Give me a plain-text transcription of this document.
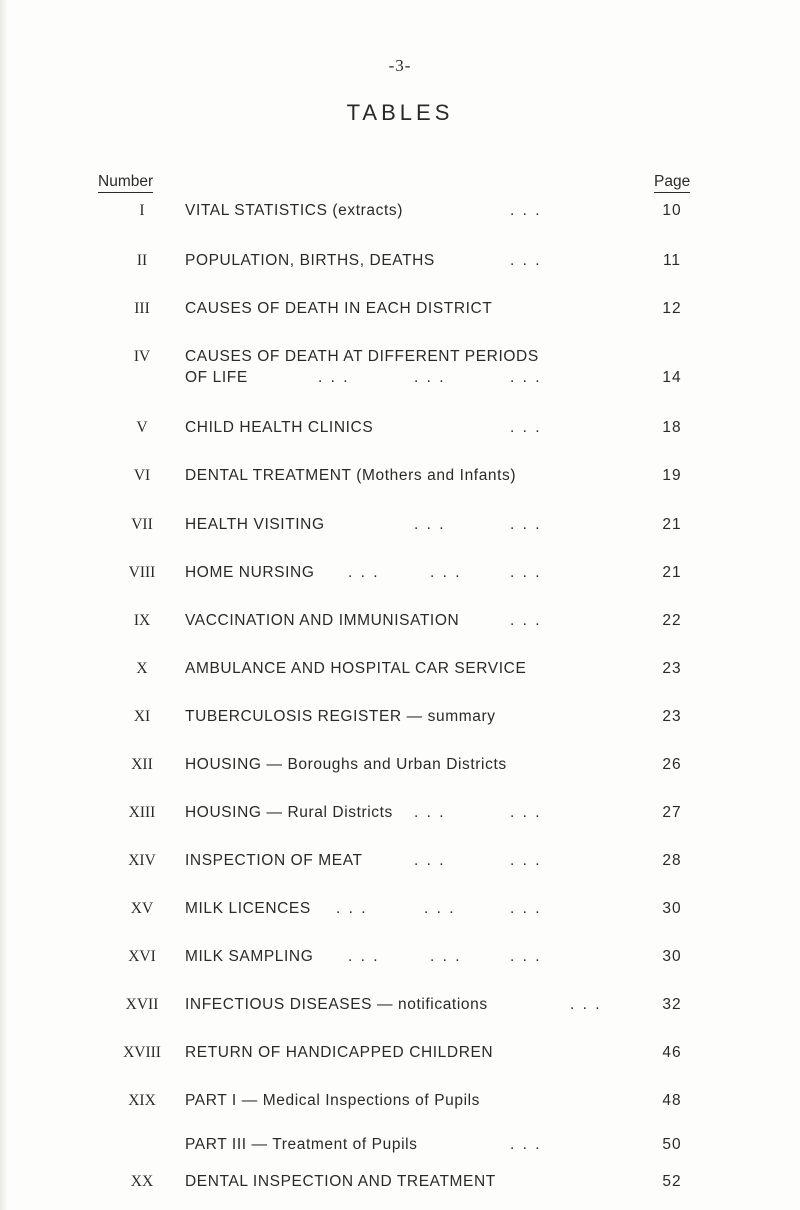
-3-
TABLES
Number	Page
I	VITAL STATISTICS (extracts)	. . .	10
II	POPULATION, BIRTHS, DEATHS	. . .	11
III	CAUSES OF DEATH IN EACH DISTRICT	12
IV	CAUSES OF DEATH AT DIFFERENT PERIODS
OF LIFE	. . .	. . .	. . .	14
V	CHILD HEALTH CLINICS	. . .	18
VI	DENTAL TREATMENT (Mothers and Infants)	19
VII	HEALTH VISITING	. . .	. . .	21
VIII	HOME NURSING . . .	. . .	. . .	21
IX	VACCINATION AND IMMUNISATION	. . .	22
X	AMBULANCE AND HOSPITAL CAR SERVICE	23
XI	TUBERCULOSIS REGISTER — summary	23
XII	HOUSING — Boroughs and Urban Districts	26
XIII	HOUSING — Rural Districts . . .	. . .	27
XIV	INSPECTION OF MEAT	. . .	. . .	28
XV	MILK LICENCES . . .	. . .	. . .	30
XVI	MILK SAMPLING . . .	. . .	. . .	30
XVII	INFECTIOUS DISEASES — notifications	. . .	32
XVIII	RETURN OF HANDICAPPED CHILDREN	46
XIX	PART I — Medical Inspections of Pupils	48
PART III — Treatment of Pupils	. . .	50
XX	DENTAL INSPECTION AND TREATMENT	52
